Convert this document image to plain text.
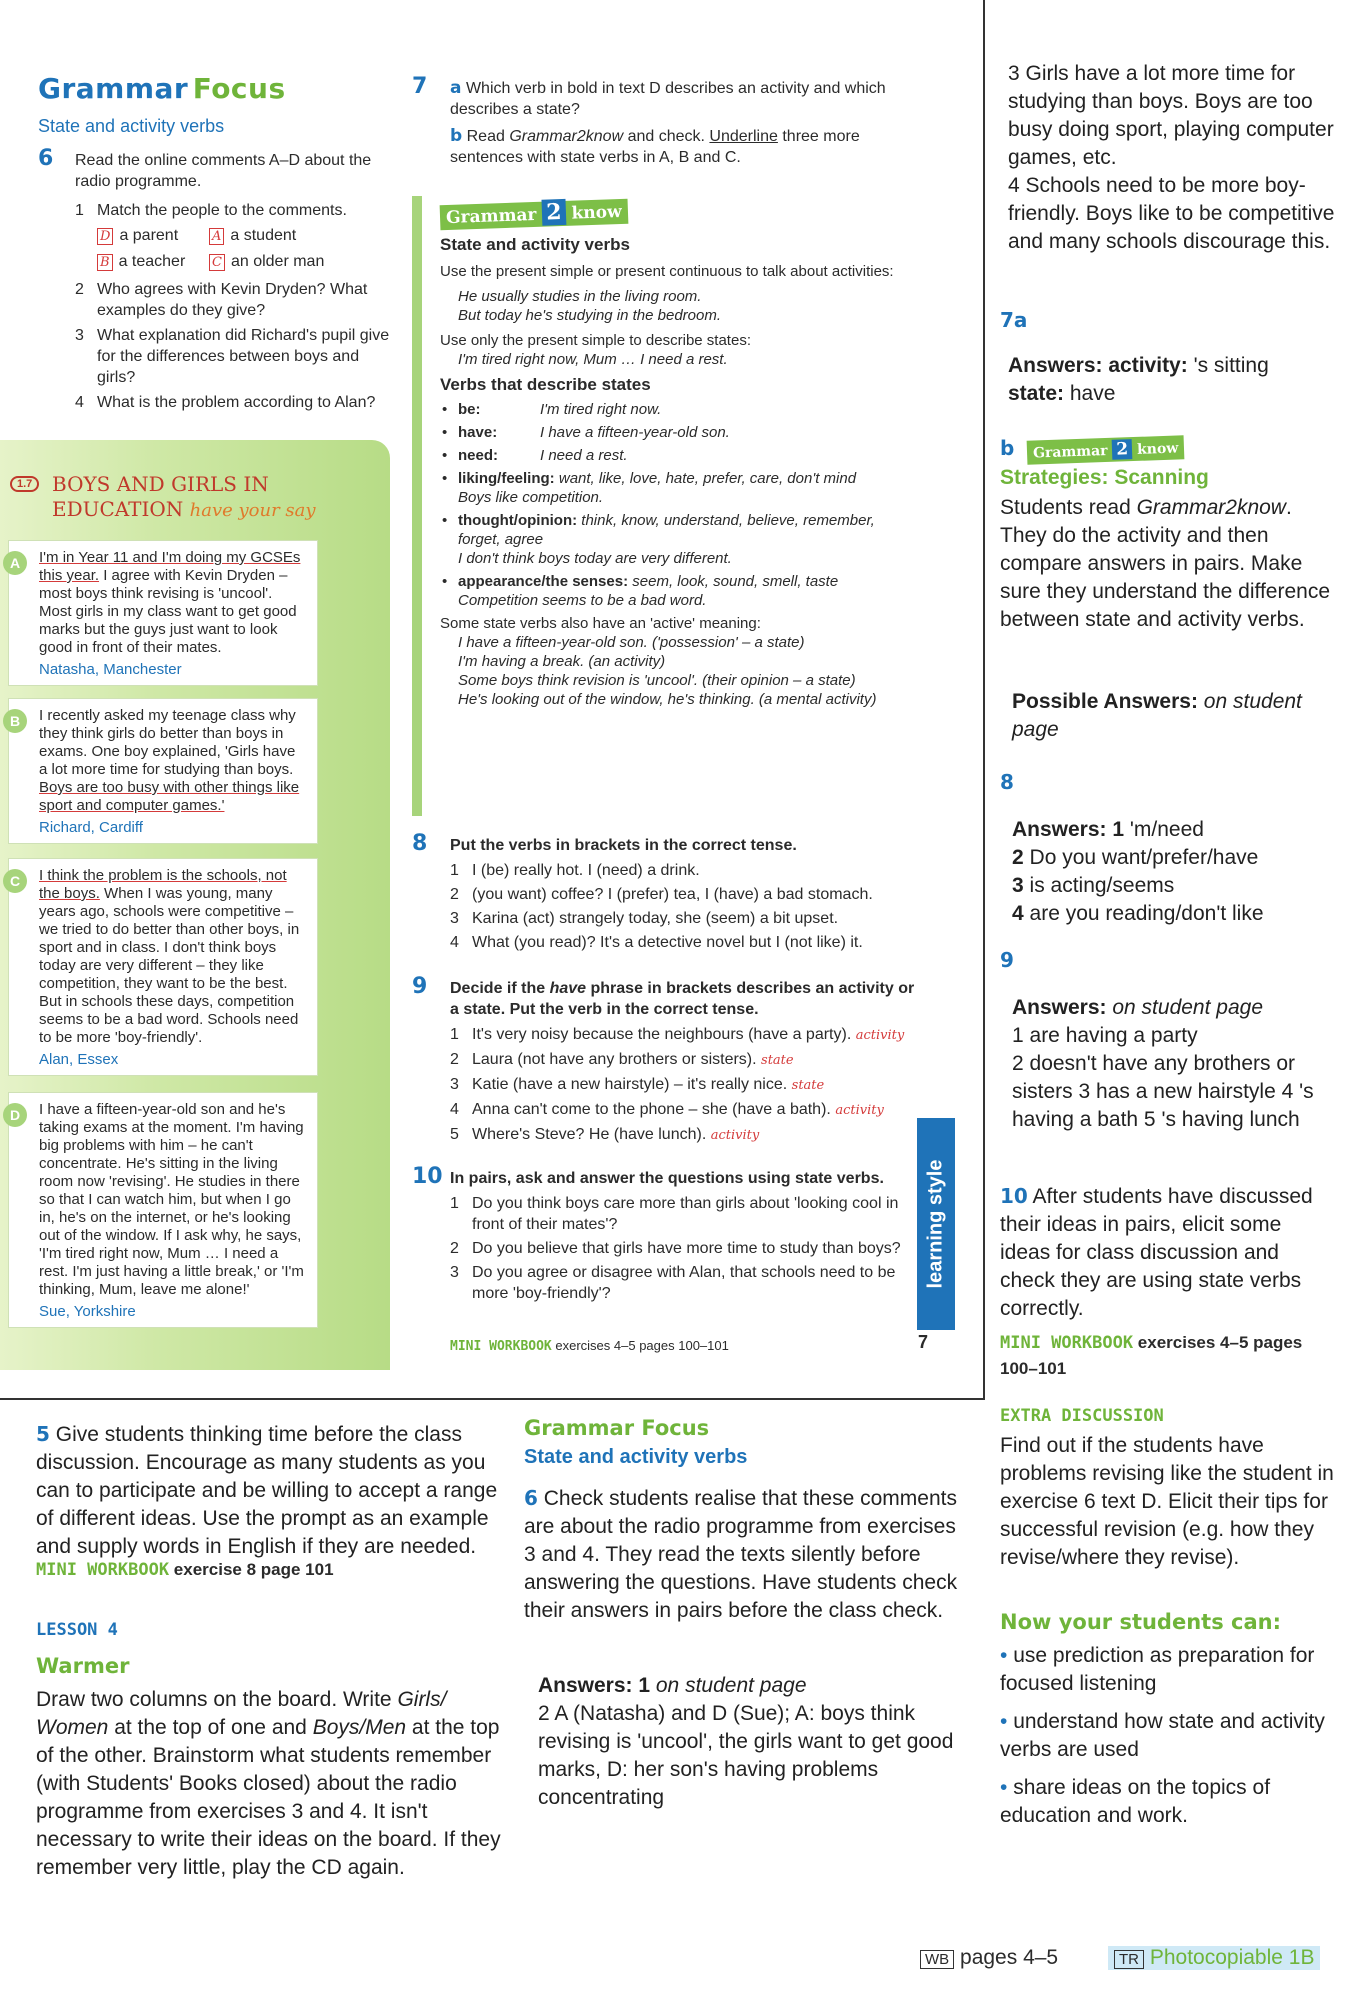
Grammar Focus
State and activity verbs
6	Read the online comments A–D about the radio programme.
1 Match the people to the comments.
D a parent	A a student
B a teacher	C an older man
2 Who agrees with Kevin Dryden? What examples do they give?
3 What explanation did Richard's pupil give for the differences between boys and girls?
4 What is the problem according to Alan?
1.7 BOYS AND GIRLS IN EDUCATION have your say
A	I'm in Year 11 and I'm doing my GCSEs this year. I agree with Kevin Dryden – most boys think revising is 'uncool'. Most girls in my class want to get good marks but the guys just want to look good in front of their mates.
Natasha, Manchester
B	I recently asked my teenage class why they think girls do better than boys in exams. One boy explained, 'Girls have a lot more time for studying than boys. Boys are too busy with other things like sport and computer games.'
Richard, Cardiff
C	I think the problem is the schools, not the boys. When I was young, many years ago, schools were competitive – we tried to do better than other boys, in sport and in class. I don't think boys today are very different – they like competition, they want to be the best. But in schools these days, competition seems to be a bad word. Schools need to be more 'boy-friendly'.
Alan, Essex
D	I have a fifteen-year-old son and he's taking exams at the moment. I'm having big problems with him – he can't concentrate. He's sitting in the living room now 'revising'. He studies in there so that I can watch him, but when I go in, he's on the internet, or he's looking out of the window. If I ask why, he says, 'I'm tired right now, Mum … I need a rest. I'm just having a little break,' or 'I'm thinking, Mum, leave me alone!'
Sue, Yorkshire
7	a Which verb in bold in text D describes an activity and which describes a state?
b Read Grammar2know and check. Underline three more sentences with state verbs in A, B and C.
Grammar 2 know
State and activity verbs
Use the present simple or present continuous to talk about activities:
He usually studies in the living room.
But today he's studying in the bedroom.
Use only the present simple to describe states:
I'm tired right now, Mum … I need a rest.
Verbs that describe states
• be:	I'm tired right now.
• have:	I have a fifteen-year-old son.
• need:	I need a rest.
• liking/feeling: want, like, love, hate, prefer, care, don't mind
Boys like competition.
• thought/opinion: think, know, understand, believe, remember, forget, agree
I don't think boys today are very different.
• appearance/the senses: seem, look, sound, smell, taste
Competition seems to be a bad word.
Some state verbs also have an 'active' meaning:
I have a fifteen-year-old son. ('possession' – a state)
I'm having a break. (an activity)
Some boys think revision is 'uncool'. (their opinion – a state)
He's looking out of the window, he's thinking. (a mental activity)
8	Put the verbs in brackets in the correct tense.
1 I (be) really hot. I (need) a drink.
2 (you want) coffee? I (prefer) tea, I (have) a bad stomach.
3 Karina (act) strangely today, she (seem) a bit upset.
4 What (you read)? It's a detective novel but I (not like) it.
9	Decide if the have phrase in brackets describes an activity or a state. Put the verb in the correct tense.
1 It's very noisy because the neighbours (have a party). activity
2 Laura (not have any brothers or sisters). state
3 Katie (have a new hairstyle) – it's really nice. state
4 Anna can't come to the phone – she (have a bath). activity
5 Where's Steve? He (have lunch). activity
10 In pairs, ask and answer the questions using state verbs.
1 Do you think boys care more than girls about 'looking cool in front of their mates'?
2 Do you believe that girls have more time to study than boys?
3 Do you agree or disagree with Alan, that schools need to be more 'boy-friendly'?
MINI WORKBOOK exercises 4–5 pages 100–101
learning style
7
3 Girls have a lot more time for studying than boys. Boys are too busy doing sport, playing computer games, etc.
4 Schools need to be more boy-friendly. Boys like to be competitive and many schools discourage this.
7a
Answers: activity: 's sitting
state: have
b Grammar 2 know
Strategies: Scanning
Students read Grammar2know. They do the activity and then compare answers in pairs. Make sure they understand the difference between state and activity verbs.
Possible Answers: on student page
8
Answers: 1 'm/need
2 Do you want/prefer/have
3 is acting/seems
4 are you reading/don't like
9
Answers: on student page
1 are having a party
2 doesn't have any brothers or sisters 3 has a new hairstyle 4 's having a bath 5 's having lunch
10 After students have discussed their ideas in pairs, elicit some ideas for class discussion and check they are using state verbs correctly.
MINI WORKBOOK exercises 4–5 pages 100–101
EXTRA DISCUSSION
Find out if the students have problems revising like the student in exercise 6 text D. Elicit their tips for successful revision (e.g. how they revise/where they revise).
Now your students can:
• use prediction as preparation for focused listening
• understand how state and activity verbs are used
• share ideas on the topics of education and work.
5 Give students thinking time before the class discussion. Encourage as many students as you can to participate and be willing to accept a range of different ideas. Use the prompt as an example and supply words in English if they are needed.
MINI WORKBOOK exercise 8 page 101
LESSON 4
Warmer
Draw two columns on the board. Write Girls/ Women at the top of one and Boys/Men at the top of the other. Brainstorm what students remember (with Students' Books closed) about the radio programme from exercises 3 and 4. It isn't necessary to write their ideas on the board. If they remember very little, play the CD again.
Grammar Focus
State and activity verbs
6 Check students realise that these comments are about the radio programme from exercises 3 and 4. They read the texts silently before answering the questions. Have students check their answers in pairs before the class check.
Answers: 1 on student page
2 A (Natasha) and D (Sue); A: boys think revising is 'uncool', the girls want to get good marks, D: her son's having problems concentrating
WB pages 4–5	TR Photocopiable 1B
